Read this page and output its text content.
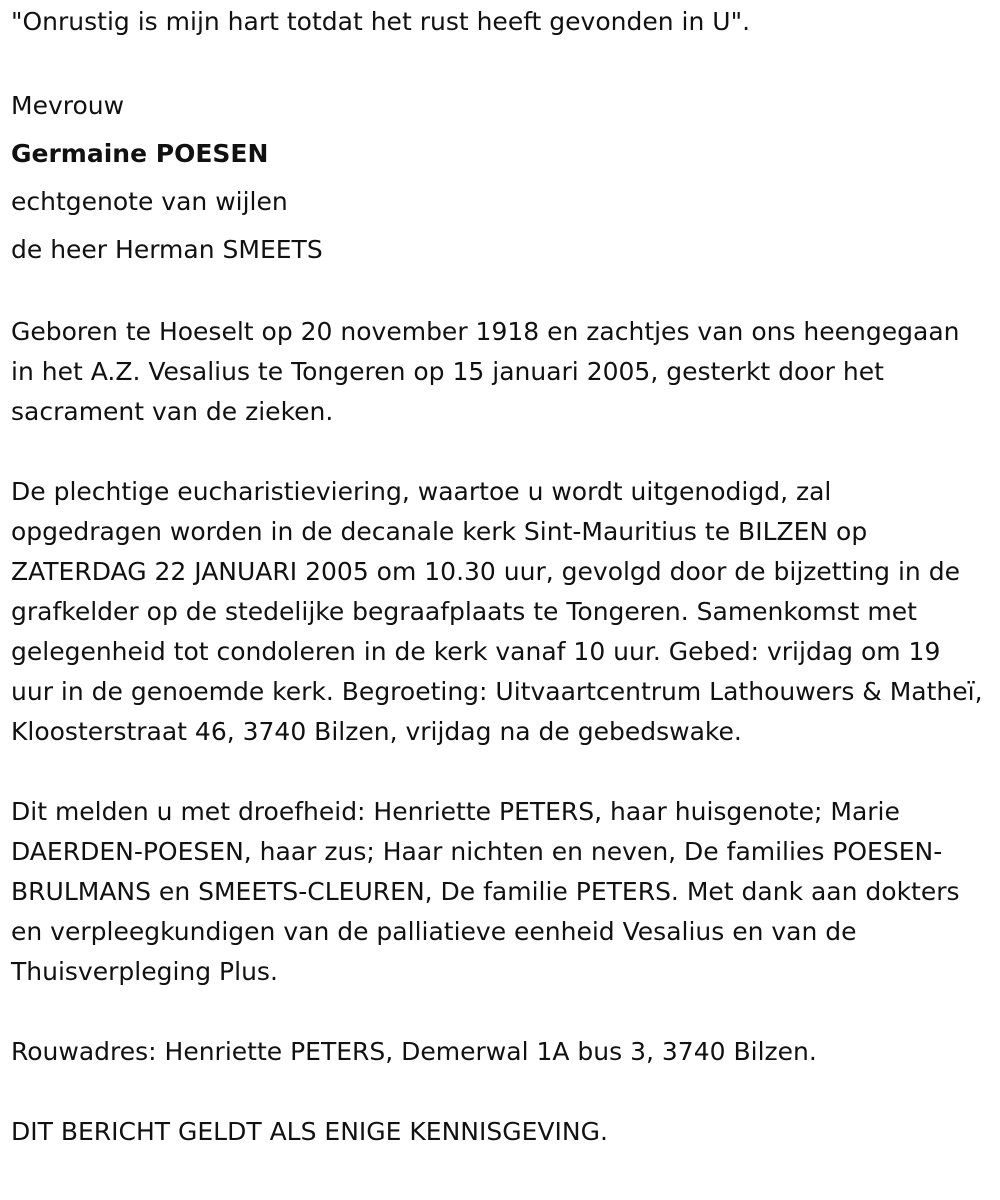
"Onrustig is mijn hart totdat het rust heeft gevonden in U".

Mevrouw

Germaine POESEN

echtgenote van wijlen

de heer Herman SMEETS

Geboren te Hoeselt op 20 november 1918 en zachtjes van ons heengegaan in het A.Z. Vesalius te Tongeren op 15 januari 2005, gesterkt door het sacrament van de zieken.

De plechtige eucharistieviering, waartoe u wordt uitgenodigd, zal opgedragen worden in de decanale kerk Sint-Mauritius te BILZEN op ZATERDAG 22 JANUARI 2005 om 10.30 uur, gevolgd door de bijzetting in de grafkelder op de stedelijke begraafplaats te Tongeren. Samenkomst met gelegenheid tot condoleren in de kerk vanaf 10 uur. Gebed: vrijdag om 19 uur in de genoemde kerk. Begroeting: Uitvaartcentrum Lathouwers & Matheï, Kloosterstraat 46, 3740 Bilzen, vrijdag na de gebedswake.

Dit melden u met droefheid: Henriette PETERS, haar huisgenote; Marie DAERDEN-POESEN, haar zus; Haar nichten en neven, De families POESEN-BRULMANS en SMEETS-CLEUREN, De familie PETERS. Met dank aan dokters en verpleegkundigen van de palliatieve eenheid Vesalius en van de Thuisverpleging Plus.

Rouwadres: Henriette PETERS, Demerwal 1A bus 3, 3740 Bilzen.

DIT BERICHT GELDT ALS ENIGE KENNISGEVING.
